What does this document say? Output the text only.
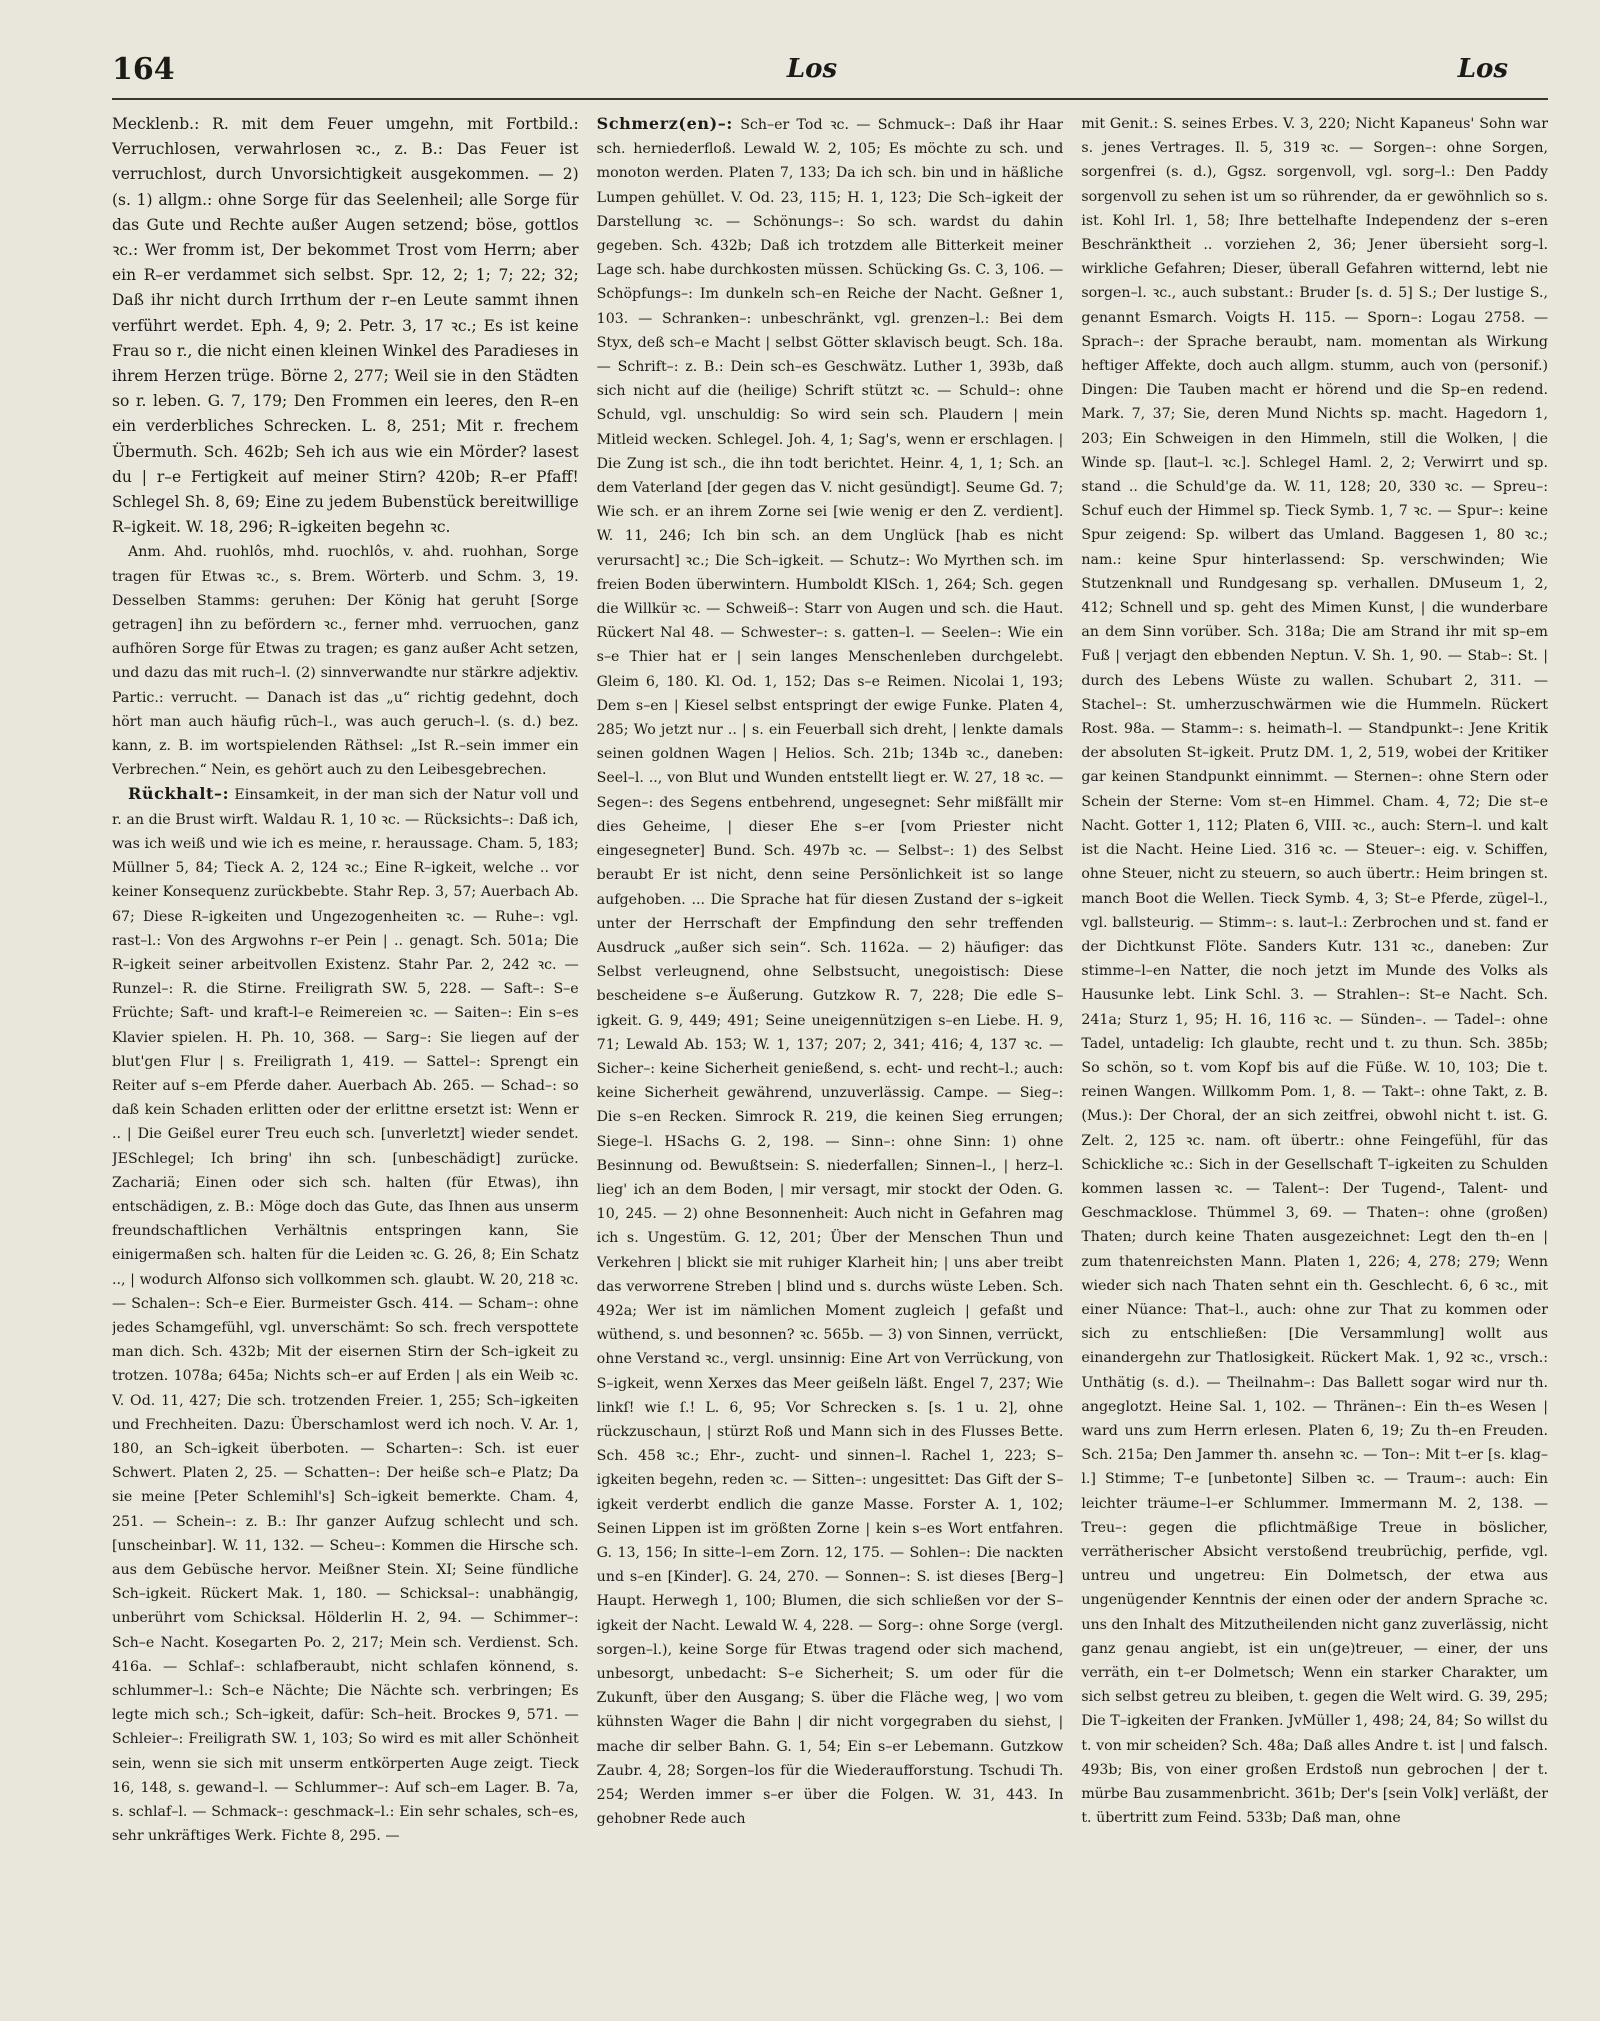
164	Los	Los

Mecklenb.: R. mit dem Feuer umgehn, mit Fortbild.: Verruchlosen, verwahrlosen ꝛc., z. B.: Das Feuer ist verruchlost, durch Unvorsichtigkeit ausgekommen. — 2) (s. 1) allgm.: ohne Sorge für das Seelenheil; alle Sorge für das Gute und Rechte außer Augen setzend; böse, gottlos ꝛc.: Wer fromm ist, Der bekommet Trost vom Herrn; aber ein R–er verdammet sich selbst. Spr. 12, 2; 1; 7; 22; 32; Daß ihr nicht durch Irrthum der r–en Leute sammt ihnen verführt werdet. Eph. 4, 9; 2. Petr. 3, 17 ꝛc.; Es ist keine Frau so r., die nicht einen kleinen Winkel des Paradieses in ihrem Herzen trüge. Börne 2, 277; Weil sie in den Städten so r. leben. G. 7, 179; Den Frommen ein leeres, den R–en ein verderbliches Schrecken. L. 8, 251; Mit r. frechem Übermuth. Sch. 462b; Seh ich aus wie ein Mörder? lasest du | r–e Fertigkeit auf meiner Stirn? 420b; R–er Pfaff! Schlegel Sh. 8, 69; Eine zu jedem Bubenstück bereitwillige R–igkeit. W. 18, 296; R–igkeiten begehn ꝛc.

Anm. Ahd. ruohlôs, mhd. ruochlôs, v. ahd. ruohhan, Sorge tragen für Etwas ꝛc., s. Brem. Wörterb. und Schm. 3, 19. Desselben Stamms: geruhen: Der König hat geruht [Sorge getragen] ihn zu befördern ꝛc., ferner mhd. verruochen, ganz aufhören Sorge für Etwas zu tragen; es ganz außer Acht setzen, und dazu das mit ruch–l. (2) sinnverwandte nur stärkre adjektiv. Partic.: verrucht. — Danach ist das „u“ richtig gedehnt, doch hört man auch häufig rūch–l., was auch geruch–l. (s. d.) bez. kann, z. B. im wortspielenden Räthsel: „Ist R.–sein immer ein Verbrechen.“ Nein, es gehört auch zu den Leibesgebrechen.

Rückhalt–: Einsamkeit, in der man sich der Natur voll und r. an die Brust wirft. Waldau R. 1, 10 ꝛc. — Rücksichts–: Daß ich, was ich weiß und wie ich es meine, r. heraussage. Cham. 5, 183; Müllner 5, 84; Tieck A. 2, 124 ꝛc.; Eine R–igkeit, welche .. vor keiner Konsequenz zurückbebte. Stahr Rep. 3, 57; Auerbach Ab. 67; Diese R–igkeiten und Ungezogenheiten ꝛc. — Ruhe–: vgl. rast–l.: Von des Argwohns r–er Pein | .. genagt. Sch. 501a; Die R–igkeit seiner arbeitvollen Existenz. Stahr Par. 2, 242 ꝛc. — Runzel–: R. die Stirne. Freiligrath SW. 5, 228. — Saft–: S–e Früchte; Saft- und kraft-l–e Reimereien ꝛc. — Saiten–: Ein s–es Klavier spielen. H. Ph. 10, 368. — Sarg–: Sie liegen auf der blut'gen Flur | s. Freiligrath 1, 419. — Sattel–: Sprengt ein Reiter auf s–em Pferde daher. Auerbach Ab. 265. — Schad–: so daß kein Schaden erlitten oder der erlittne ersetzt ist: Wenn er .. | Die Geißel eurer Treu euch sch. [unverletzt] wieder sendet. JESchlegel; Ich bring' ihn sch. [unbeschädigt] zurücke. Zachariä; Einen oder sich sch. halten (für Etwas), ihn entschädigen, z. B.: Möge doch das Gute, das Ihnen aus unserm freundschaftlichen Verhältnis entspringen kann, Sie einigermaßen sch. halten für die Leiden ꝛc. G. 26, 8; Ein Schatz .., | wodurch Alfonso sich vollkommen sch. glaubt. W. 20, 218 ꝛc. — Schalen–: Sch–e Eier. Burmeister Gsch. 414. — Scham–: ohne jedes Schamgefühl, vgl. unverschämt: So sch. frech verspottete man dich. Sch. 432b; Mit der eisernen Stirn der Sch–igkeit zu trotzen. 1078a; 645a; Nichts sch–er auf Erden | als ein Weib ꝛc. V. Od. 11, 427; Die sch. trotzenden Freier. 1, 255; Sch–igkeiten und Frechheiten. Dazu: Überschamlost werd ich noch. V. Ar. 1, 180, an Sch–igkeit überboten. — Scharten–: Sch. ist euer Schwert. Platen 2, 25. — Schatten–: Der heiße sch–e Platz; Da sie meine [Peter Schlemihl's] Sch–igkeit bemerkte. Cham. 4, 251. — Schein–: z. B.: Ihr ganzer Aufzug schlecht und sch. [unscheinbar]. W. 11, 132. — Scheu–: Kommen die Hirsche sch. aus dem Gebüsche hervor. Meißner Stein. XI; Seine fündliche Sch–igkeit. Rückert Mak. 1, 180. — Schicksal–: unabhängig, unberührt vom Schicksal. Hölderlin H. 2, 94. — Schimmer–: Sch–e Nacht. Kosegarten Po. 2, 217; Mein sch. Verdienst. Sch. 416a. — Schlaf–: schlafberaubt, nicht schlafen könnend, s. schlummer–l.: Sch–e Nächte; Die Nächte sch. verbringen; Es legte mich sch.; Sch–igkeit, dafür: Sch–heit. Brockes 9, 571. — Schleier–: Freiligrath SW. 1, 103; So wird es mit aller Schönheit sein, wenn sie sich mit unserm entkörperten Auge zeigt. Tieck 16, 148, s. gewand–l. — Schlummer–: Auf sch–em Lager. B. 7a, s. schlaf–l. — Schmack–: geschmack–l.: Ein sehr schales, sch–es, sehr unkräftiges Werk. Fichte 8, 295. —

Schmerz(en)–: Sch–er Tod ꝛc. — Schmuck–: Daß ihr Haar sch. herniederfloß. Lewald W. 2, 105; Es möchte zu sch. und monoton werden. Platen 7, 133; Da ich sch. bin und in häßliche Lumpen gehüllet. V. Od. 23, 115; H. 1, 123; Die Sch–igkeit der Darstellung ꝛc. — Schönungs–: So sch. wardst du dahin gegeben. Sch. 432b; Daß ich trotzdem alle Bitterkeit meiner Lage sch. habe durchkosten müssen. Schücking Gs. C. 3, 106. — Schöpfungs–: Im dunkeln sch–en Reiche der Nacht. Geßner 1, 103. — Schranken–: unbeschränkt, vgl. grenzen–l.: Bei dem Styx, deß sch–e Macht | selbst Götter sklavisch beugt. Sch. 18a. — Schrift–: z. B.: Dein sch–es Geschwätz. Luther 1, 393b, daß sich nicht auf die (heilige) Schrift stützt ꝛc. — Schuld–: ohne Schuld, vgl. unschuldig: So wird sein sch. Plaudern | mein Mitleid wecken. Schlegel. Joh. 4, 1; Sag's, wenn er erschlagen. | Die Zung ist sch., die ihn todt berichtet. Heinr. 4, 1, 1; Sch. an dem Vaterland [der gegen das V. nicht gesündigt]. Seume Gd. 7; Wie sch. er an ihrem Zorne sei [wie wenig er den Z. verdient]. W. 11, 246; Ich bin sch. an dem Unglück [hab es nicht verursacht] ꝛc.; Die Sch–igkeit. — Schutz–: Wo Myrthen sch. im freien Boden überwintern. Humboldt KlSch. 1, 264; Sch. gegen die Willkür ꝛc. — Schweiß–: Starr von Augen und sch. die Haut. Rückert Nal 48. — Schwester–: s. gatten–l. — Seelen–: Wie ein s–e Thier hat er | sein langes Menschenleben durchgelebt. Gleim 6, 180. Kl. Od. 1, 152; Das s–e Reimen. Nicolai 1, 193; Dem s–en | Kiesel selbst entspringt der ewige Funke. Platen 4, 285; Wo jetzt nur .. | s. ein Feuerball sich dreht, | lenkte damals seinen goldnen Wagen | Helios. Sch. 21b; 134b ꝛc., daneben: Seel–l. .., von Blut und Wunden entstellt liegt er. W. 27, 18 ꝛc. — Segen–: des Segens entbehrend, ungesegnet: Sehr mißfällt mir dies Geheime, | dieser Ehe s–er [vom Priester nicht eingesegneter] Bund. Sch. 497b ꝛc. — Selbst–: 1) des Selbst beraubt Er ist nicht, denn seine Persönlichkeit ist so lange aufgehoben. ... Die Sprache hat für diesen Zustand der s–igkeit unter der Herrschaft der Empfindung den sehr treffenden Ausdruck „außer sich sein“. Sch. 1162a. — 2) häufiger: das Selbst verleugnend, ohne Selbstsucht, unegoistisch: Diese bescheidene s–e Äußerung. Gutzkow R. 7, 228; Die edle S–igkeit. G. 9, 449; 491; Seine uneigennützigen s–en Liebe. H. 9, 71; Lewald Ab. 153; W. 1, 137; 207; 2, 341; 416; 4, 137 ꝛc. — Sicher–: keine Sicherheit genießend, s. echt- und recht–l.; auch: keine Sicherheit gewährend, unzuverlässig. Campe. — Sieg–: Die s–en Recken. Simrock R. 219, die keinen Sieg errungen; Siege–l. HSachs G. 2, 198. — Sinn–: ohne Sinn: 1) ohne Besinnung od. Bewußtsein: S. niederfallen; Sinnen–l., | herz–l. lieg' ich an dem Boden, | mir versagt, mir stockt der Oden. G. 10, 245. — 2) ohne Besonnenheit: Auch nicht in Gefahren mag ich s. Ungestüm. G. 12, 201; Über der Menschen Thun und Verkehren | blickt sie mit ruhiger Klarheit hin; | uns aber treibt das verworrene Streben | blind und s. durchs wüste Leben. Sch. 492a; Wer ist im nämlichen Moment zugleich | gefaßt und wüthend, s. und besonnen? ꝛc. 565b. — 3) von Sinnen, verrückt, ohne Verstand ꝛc., vergl. unsinnig: Eine Art von Verrückung, von S–igkeit, wenn Xerxes das Meer geißeln läßt. Engel 7, 237; Wie linkſ! wie ſ.! L. 6, 95; Vor Schrecken s. [s. 1 u. 2], ohne rückzuschaun, | stürzt Roß und Mann sich in des Flusses Bette. Sch. 458 ꝛc.; Ehr-, zucht- und sinnen–l. Rachel 1, 223; S–igkeiten begehn, reden ꝛc. — Sitten–: ungesittet: Das Gift der S–igkeit verderbt endlich die ganze Masse. Forster A. 1, 102; Seinen Lippen ist im größten Zorne | kein s–es Wort entfahren. G. 13, 156; In sitte–l–em Zorn. 12, 175. — Sohlen–: Die nackten und s–en [Kinder]. G. 24, 270. — Sonnen–: S. ist dieses [Berg–] Haupt. Herwegh 1, 100; Blumen, die sich schließen vor der S–igkeit der Nacht. Lewald W. 4, 228. — Sorg–: ohne Sorge (vergl. sorgen–l.), keine Sorge für Etwas tragend oder sich machend, unbesorgt, unbedacht: S–e Sicherheit; S. um oder für die Zukunft, über den Ausgang; S. über die Fläche weg, | wo vom kühnsten Wager die Bahn | dir nicht vorgegraben du siehst, | mache dir selber Bahn. G. 1, 54; Ein s–er Lebemann. Gutzkow Zaubr. 4, 28; Sorgen–los für die Wiederaufforstung. Tschudi Th. 254; Werden immer s–er über die Folgen. W. 31, 443. In gehobner Rede auch

mit Genit.: S. seines Erbes. V. 3, 220; Nicht Kapaneus' Sohn war s. jenes Vertrages. Il. 5, 319 ꝛc. — Sorgen–: ohne Sorgen, sorgenfrei (s. d.), Ggsz. sorgenvoll, vgl. sorg–l.: Den Paddy sorgenvoll zu sehen ist um so rührender, da er gewöhnlich so s. ist. Kohl Irl. 1, 58; Ihre bettelhafte Independenz der s–eren Beschränktheit .. vorziehen 2, 36; Jener übersieht sorg–l. wirkliche Gefahren; Dieser, überall Gefahren witternd, lebt nie sorgen–l. ꝛc., auch substant.: Bruder [s. d. 5] S.; Der lustige S., genannt Esmarch. Voigts H. 115. — Sporn–: Logau 2758. — Sprach–: der Sprache beraubt, nam. momentan als Wirkung heftiger Affekte, doch auch allgm. stumm, auch von (personif.) Dingen: Die Tauben macht er hörend und die Sp–en redend. Mark. 7, 37; Sie, deren Mund Nichts sp. macht. Hagedorn 1, 203; Ein Schweigen in den Himmeln, still die Wolken, | die Winde sp. [laut–l. ꝛc.]. Schlegel Haml. 2, 2; Verwirrt und sp. stand .. die Schuld'ge da. W. 11, 128; 20, 330 ꝛc. — Spreu–: Schuf euch der Himmel sp. Tieck Symb. 1, 7 ꝛc. — Spur–: keine Spur zeigend: Sp. wilbert das Umland. Baggesen 1, 80 ꝛc.; nam.: keine Spur hinterlassend: Sp. verschwinden; Wie Stutzenknall und Rundgesang sp. verhallen. DMuseum 1, 2, 412; Schnell und sp. geht des Mimen Kunst, | die wunderbare an dem Sinn vorüber. Sch. 318a; Die am Strand ihr mit sp–em Fuß | verjagt den ebbenden Neptun. V. Sh. 1, 90. — Stab–: St. | durch des Lebens Wüste zu wallen. Schubart 2, 311. — Stachel–: St. umherzuschwärmen wie die Hummeln. Rückert Rost. 98a. — Stamm–: s. heimath–l. — Standpunkt–: Jene Kritik der absoluten St–igkeit. Prutz DM. 1, 2, 519, wobei der Kritiker gar keinen Standpunkt einnimmt. — Sternen–: ohne Stern oder Schein der Sterne: Vom st–en Himmel. Cham. 4, 72; Die st–e Nacht. Gotter 1, 112; Platen 6, VIII. ꝛc., auch: Stern–l. und kalt ist die Nacht. Heine Lied. 316 ꝛc. — Steuer–: eig. v. Schiffen, ohne Steuer, nicht zu steuern, so auch übertr.: Heim bringen st. manch Boot die Wellen. Tieck Symb. 4, 3; St–e Pferde, zügel–l., vgl. ballsteurig. — Stimm–: s. laut–l.: Zerbrochen und st. fand er der Dichtkunst Flöte. Sanders Kutr. 131 ꝛc., daneben: Zur stimme–l–en Natter, die noch jetzt im Munde des Volks als Hausunke lebt. Link Schl. 3. — Strahlen–: St–e Nacht. Sch. 241a; Sturz 1, 95; H. 16, 116 ꝛc. — Sünden–. — Tadel–: ohne Tadel, untadelig: Ich glaubte, recht und t. zu thun. Sch. 385b; So schön, so t. vom Kopf bis auf die Füße. W. 10, 103; Die t. reinen Wangen. Willkomm Pom. 1, 8. — Takt–: ohne Takt, z. B. (Mus.): Der Choral, der an sich zeitfrei, obwohl nicht t. ist. G. Zelt. 2, 125 ꝛc. nam. oft übertr.: ohne Feingefühl, für das Schickliche ꝛc.: Sich in der Gesellschaft T–igkeiten zu Schulden kommen lassen ꝛc. — Talent–: Der Tugend-, Talent- und Geschmacklose. Thümmel 3, 69. — Thaten–: ohne (großen) Thaten; durch keine Thaten ausgezeichnet: Legt den th–en | zum thatenreichsten Mann. Platen 1, 226; 4, 278; 279; Wenn wieder sich nach Thaten sehnt ein th. Geschlecht. 6, 6 ꝛc., mit einer Nüance: That–l., auch: ohne zur That zu kommen oder sich zu entschließen: [Die Versammlung] wollt aus einandergehn zur Thatlosigkeit. Rückert Mak. 1, 92 ꝛc., vrsch.: Unthätig (s. d.). — Theilnahm–: Das Ballett sogar wird nur th. angeglotzt. Heine Sal. 1, 102. — Thränen–: Ein th–es Wesen | ward uns zum Herrn erlesen. Platen 6, 19; Zu th–en Freuden. Sch. 215a; Den Jammer th. ansehn ꝛc. — Ton–: Mit t–er [s. klag–l.] Stimme; T–e [unbetonte] Silben ꝛc. — Traum–: auch: Ein leichter träume–l–er Schlummer. Immermann M. 2, 138. — Treu–: gegen die pflichtmäßige Treue in böslicher, verrätherischer Absicht verstoßend treubrüchig, perfide, vgl. untreu und ungetreu: Ein Dolmetsch, der etwa aus ungenügender Kenntnis der einen oder der andern Sprache ꝛc. uns den Inhalt des Mitzutheilenden nicht ganz zuverlässig, nicht ganz genau angiebt, ist ein un(ge)treuer, — einer, der uns verräth, ein t–er Dolmetsch; Wenn ein starker Charakter, um sich selbst getreu zu bleiben, t. gegen die Welt wird. G. 39, 295; Die T–igkeiten der Franken. JvMüller 1, 498; 24, 84; So willst du t. von mir scheiden? Sch. 48a; Daß alles Andre t. ist | und falsch. 493b; Bis, von einer großen Erdstoß nun gebrochen | der t. mürbe Bau zusammenbricht. 361b; Der's [sein Volk] verläßt, der t. übertritt zum Feind. 533b; Daß man, ohne
